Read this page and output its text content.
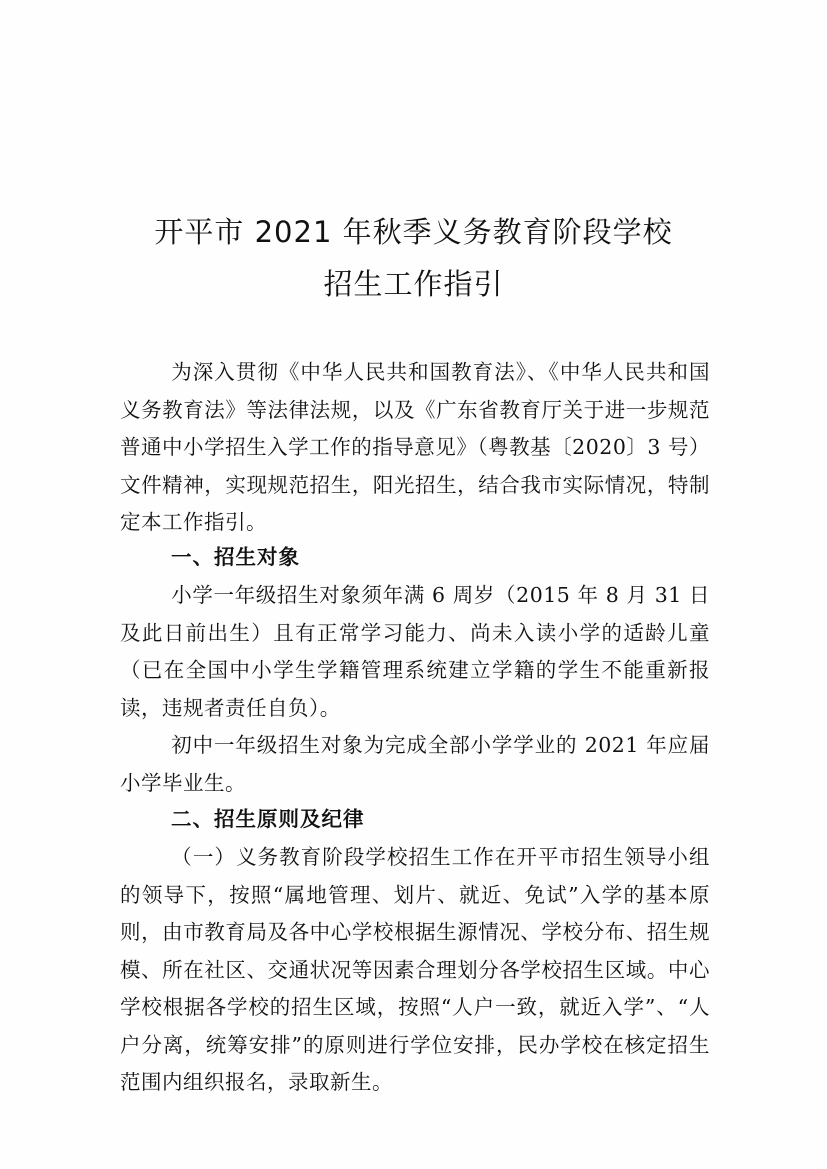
开平市 2021 年秋季义务教育阶段学校
招生工作指引

为深入贯彻《中华人民共和国教育法》、《中华人民共和国义务教育法》等法律法规，以及《广东省教育厅关于进一步规范普通中小学招生入学工作的指导意见》（粤教基〔2020〕3 号）文件精神，实现规范招生，阳光招生，结合我市实际情况，特制定本工作指引。

一、招生对象

小学一年级招生对象须年满 6 周岁（2015 年 8 月 31 日及此日前出生）且有正常学习能力、尚未入读小学的适龄儿童（已在全国中小学生学籍管理系统建立学籍的学生不能重新报读，违规者责任自负）。

初中一年级招生对象为完成全部小学学业的 2021 年应届小学毕业生。

二、招生原则及纪律

（一）义务教育阶段学校招生工作在开平市招生领导小组的领导下，按照“属地管理、划片、就近、免试”入学的基本原则，由市教育局及各中心学校根据生源情况、学校分布、招生规模、所在社区、交通状况等因素合理划分各学校招生区域。中心学校根据各学校的招生区域，按照“人户一致，就近入学”、“人户分离，统筹安排”的原则进行学位安排，民办学校在核定招生范围内组织报名，录取新生。
